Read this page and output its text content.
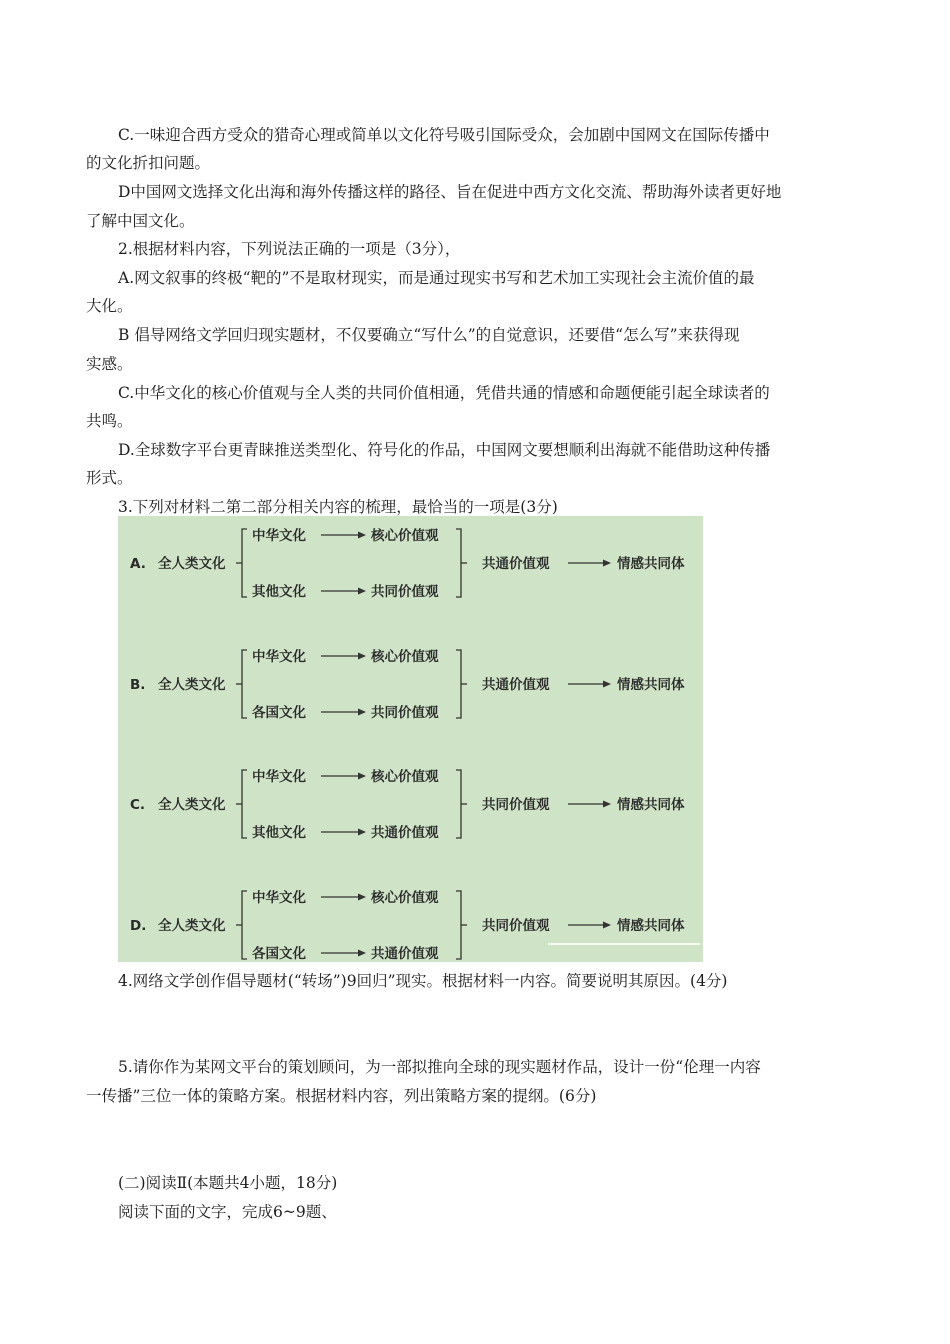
C.一味迎合西方受众的猎奇心理或简单以文化符号吸引国际受众，会加剧中国网文在国际传播中
的文化折扣问题。
D中国网文选择文化出海和海外传播这样的路径、旨在促进中西方文化交流、帮助海外读者更好地
了解中国文化。
2.根据材料内容，下列说法正确的一项是（3分），
A.网文叙事的终极“靶的”不是取材现实，而是通过现实书写和艺术加工实现社会主流价值的最
大化。
B 倡导网络文学回归现实题材，不仅要确立“写什么”的自觉意识，还要借“怎么写”来获得现
实感。
C.中华文化的核心价值观与全人类的共同价值相通，凭借共通的情感和命题便能引起全球读者的
共鸣。
D.全球数字平台更青睐推送类型化、符号化的作品，中国网文要想顺利出海就不能借助这种传播
形式。
3.下列对材料二第二部分相关内容的梳理，最恰当的一项是(3分)
A. 全人类文化
中华文化
其他文化
核心价值观
共同价值观
共通价值观	情感共同体
B. 全人类文化
中华文化
各国文化
核心价值观
共同价值观
共通价值观	情感共同体
C. 全人类文化
中华文化
其他文化
核心价值观
共通价值观
共同价值观	情感共同体
D. 全人类文化
中华文化
各国文化
核心价值观
共通价值观
共同价值观	情感共同体
4.网络文学创作倡导题材(“转场”)9回归”现实。根据材料一内容。简要说明其原因。(4分)
5.请你作为某网文平台的策划顾问，为一部拟推向全球的现实题材作品，设计一份“伦理一内容
一传播”三位一体的策略方案。根据材料内容，列出策略方案的提纲。(6分)
(二)阅读Ⅱ(本题共4小题，18分)
阅读下面的文字，完成6~9题、
